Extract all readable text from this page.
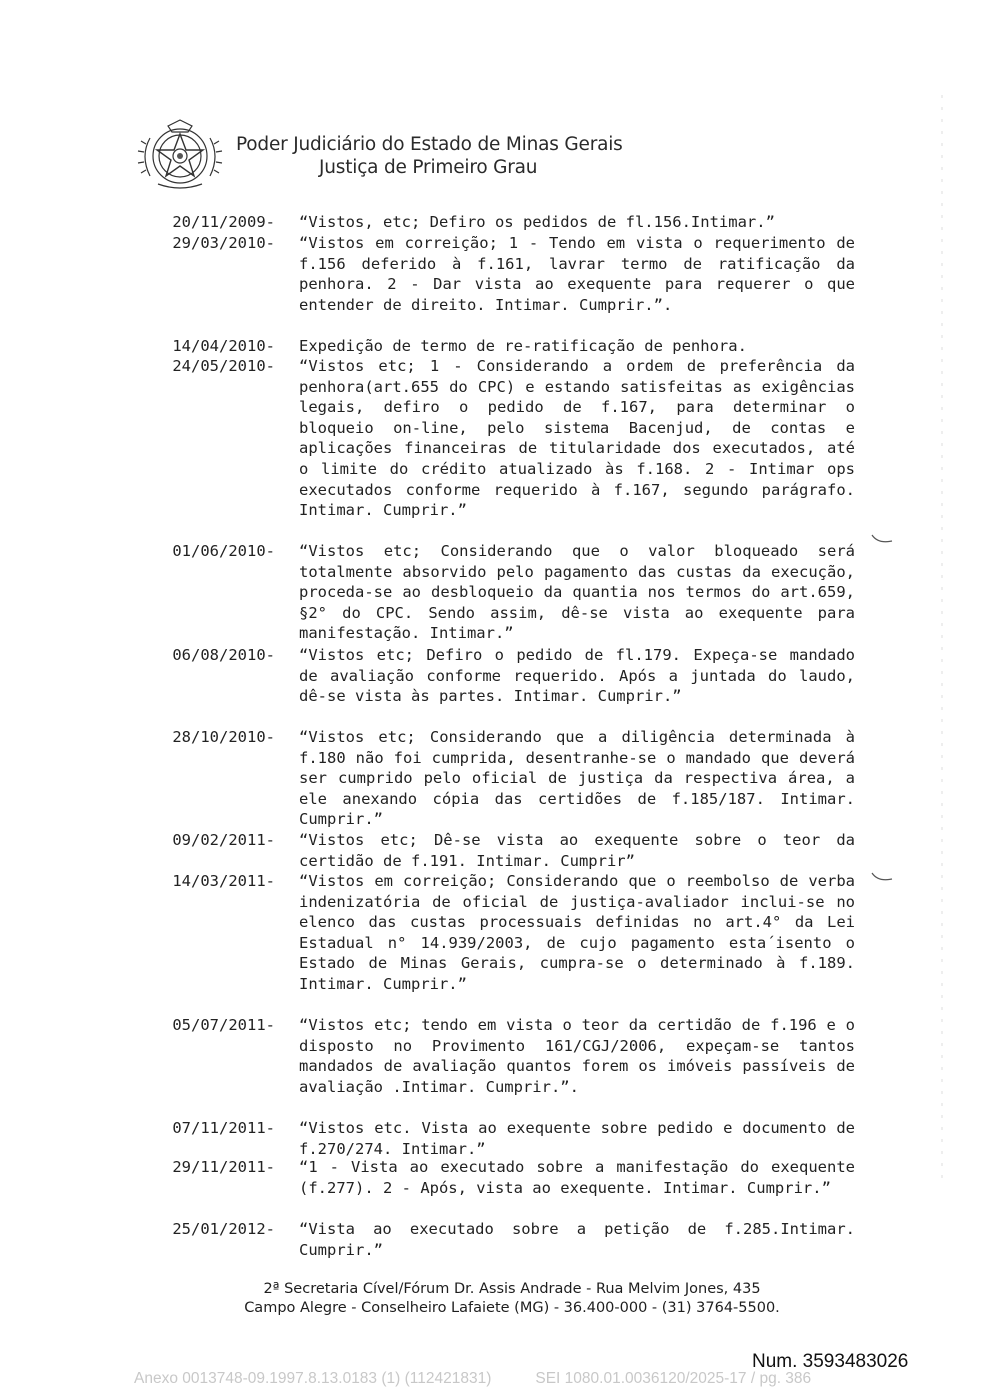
Poder Judiciário do Estado de Minas Gerais
Justiça de Primeiro Grau
20/11/2009- “Vistos, etc; Defiro os pedidos de fl.156.Intimar.”
29/03/2010- “Vistos em correição; 1 - Tendo em vista o requerimento de f.156 deferido à f.161, lavrar termo de ratificação da penhora. 2 - Dar vista ao exequente para requerer o que entender de direito. Intimar. Cumprir.”.
14/04/2010- Expedição de termo de re-ratificação de penhora.
24/05/2010- “Vistos etc; 1 - Considerando a ordem de preferência da penhora(art.655 do CPC) e estando satisfeitas as exigências legais, defiro o pedido de f.167, para determinar o bloqueio on-line, pelo sistema Bacenjud, de contas e aplicações financeiras de titularidade dos executados, até o limite do crédito atualizado às f.168. 2 - Intimar ops executados conforme requerido à f.167, segundo parágrafo. Intimar. Cumprir.”
01/06/2010- “Vistos etc; Considerando que o valor bloqueado será totalmente absorvido pelo pagamento das custas da execução, proceda-se ao desbloqueio da quantia nos termos do art.659, §2° do CPC. Sendo assim, dê-se vista ao exequente para manifestação. Intimar.”
06/08/2010- “Vistos etc; Defiro o pedido de fl.179. Expeça-se mandado de avaliação conforme requerido. Após a juntada do laudo, dê-se vista às partes. Intimar. Cumprir.”
28/10/2010- “Vistos etc; Considerando que a diligência determinada à f.180 não foi cumprida, desentranhe-se o mandado que deverá ser cumprido pelo oficial de justiça da respectiva área, a ele anexando cópia das certidões de f.185/187. Intimar. Cumprir.”
09/02/2011- “Vistos etc; Dê-se vista ao exequente sobre o teor da certidão de f.191. Intimar. Cumprir”
14/03/2011- “Vistos em correição; Considerando que o reembolso de verba indenizatória de oficial de justiça-avaliador inclui-se no elenco das custas processuais definidas no art.4° da Lei Estadual n° 14.939/2003, de cujo pagamento esta´isento o Estado de Minas Gerais, cumpra-se o determinado à f.189. Intimar. Cumprir.”
05/07/2011- “Vistos etc; tendo em vista o teor da certidão de f.196 e o disposto no Provimento 161/CGJ/2006, expeçam-se tantos mandados de avaliação quantos forem os imóveis passíveis de avaliação .Intimar. Cumprir.”.
07/11/2011- “Vistos etc. Vista ao exequente sobre pedido e documento de f.270/274. Intimar.”
29/11/2011- “1 - Vista ao executado sobre a manifestação do exequente (f.277). 2 - Após, vista ao exequente. Intimar. Cumprir.”
25/01/2012- “Vista ao executado sobre a petição de f.285.Intimar. Cumprir.”
2ª Secretaria Cível/Fórum Dr. Assis Andrade - Rua Melvim Jones, 435
Campo Alegre - Conselheiro Lafaiete (MG) - 36.400-000 - (31) 3764-5500.
Num. 3593483026
Anexo 0013748-09.1997.8.13.0183 (1) (112421831)	SEI 1080.01.0036120/2025-17 / pg. 386
